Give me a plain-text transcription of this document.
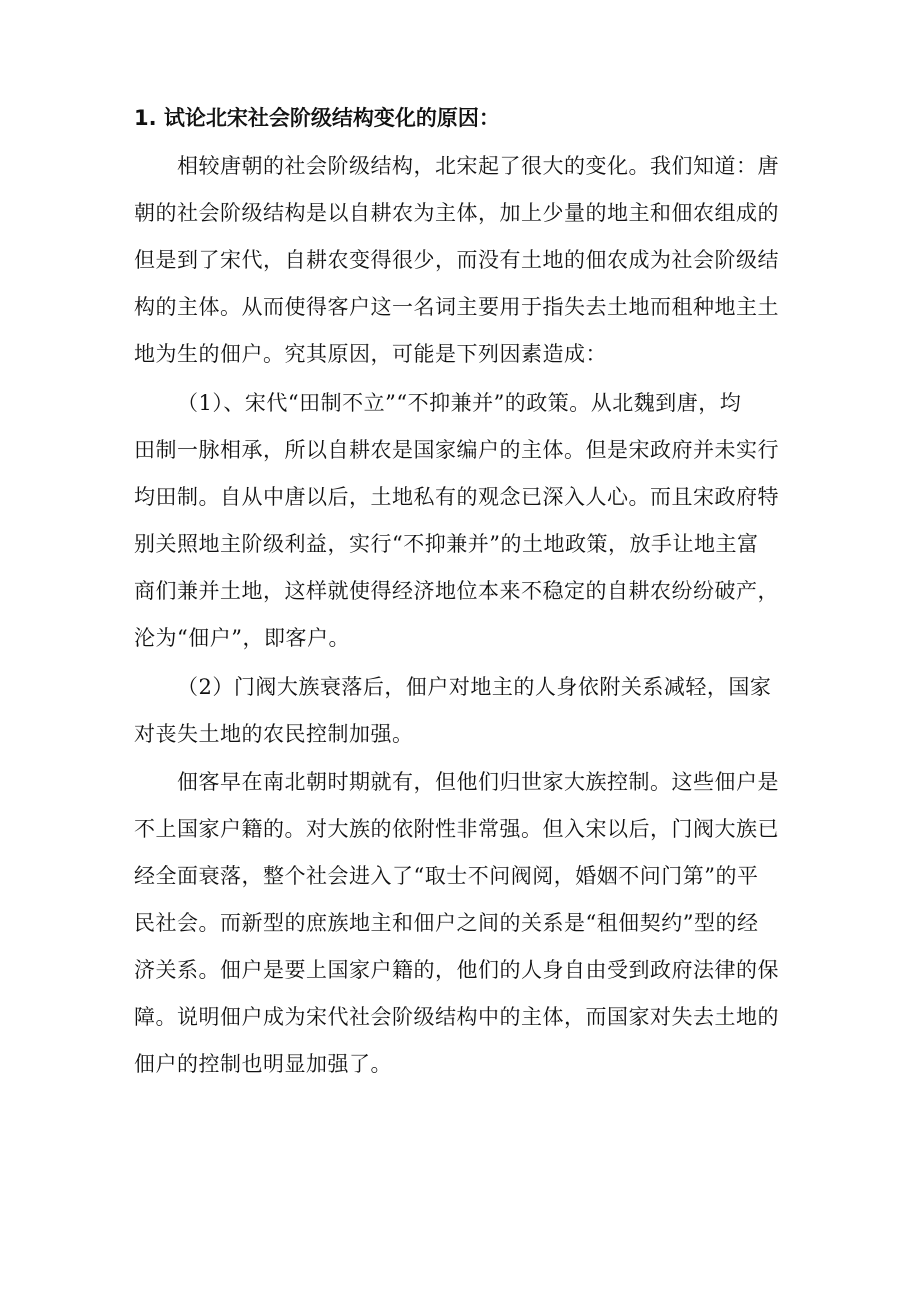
1. 试论北宋社会阶级结构变化的原因：

相较唐朝的社会阶级结构，北宋起了很大的变化。我们知道：唐

朝的社会阶级结构是以自耕农为主体，加上少量的地主和佃农组成的

但是到了宋代，自耕农变得很少，而没有土地的佃农成为社会阶级结

构的主体。从而使得客户这一名词主要用于指失去土地而租种地主土

地为生的佃户。究其原因，可能是下列因素造成：

（1）、宋代“田制不立”“不抑兼并”的政策。从北魏到唐，均

田制一脉相承，所以自耕农是国家编户的主体。但是宋政府并未实行

均田制。自从中唐以后，土地私有的观念已深入人心。而且宋政府特

别关照地主阶级利益，实行“不抑兼并”的土地政策，放手让地主富

商们兼并土地，这样就使得经济地位本来不稳定的自耕农纷纷破产，

沦为“佃户”，即客户。

（2）门阀大族衰落后，佃户对地主的人身依附关系减轻，国家

对丧失土地的农民控制加强。

佃客早在南北朝时期就有，但他们归世家大族控制。这些佃户是

不上国家户籍的。对大族的依附性非常强。但入宋以后，门阀大族已

经全面衰落，整个社会进入了“取士不问阀阅，婚姻不问门第”的平

民社会。而新型的庶族地主和佃户之间的关系是“租佃契约”型的经

济关系。佃户是要上国家户籍的，他们的人身自由受到政府法律的保

障。说明佃户成为宋代社会阶级结构中的主体，而国家对失去土地的

佃户的控制也明显加强了。
